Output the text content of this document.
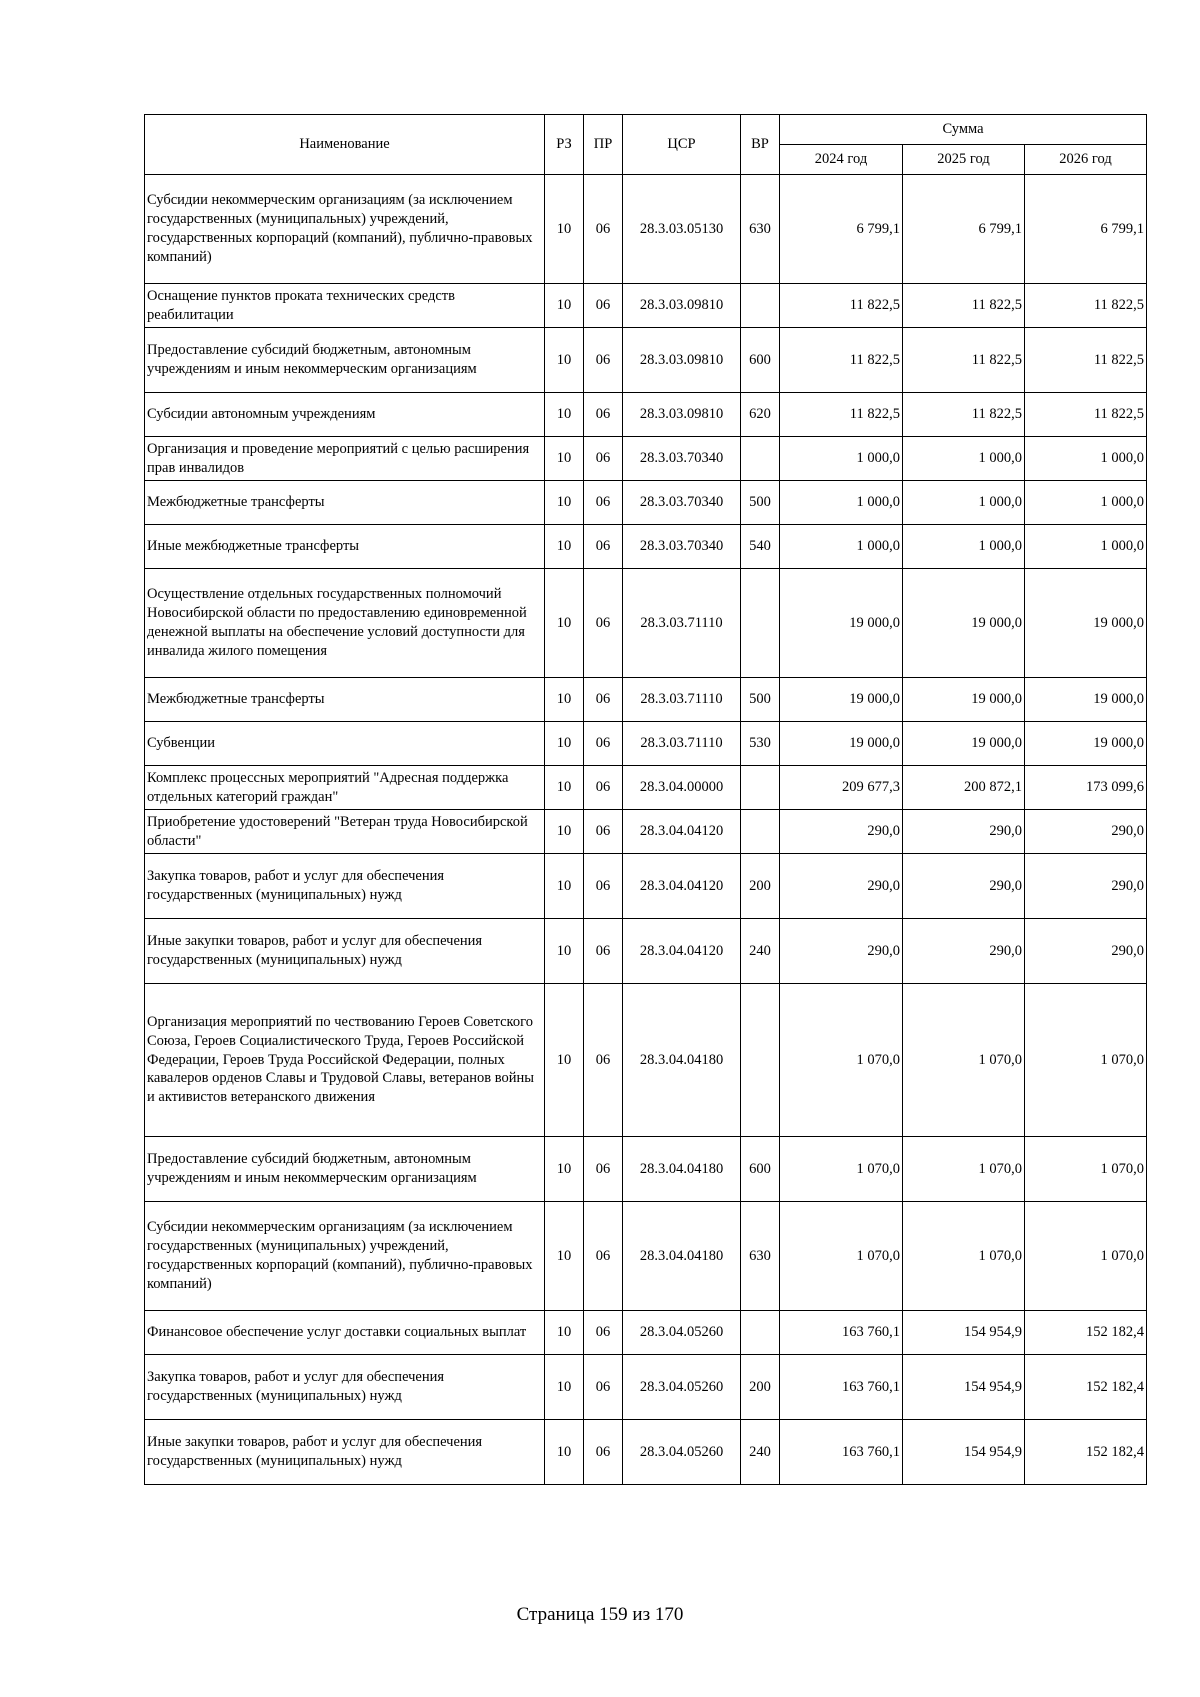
Наименование	РЗ	ПР	ЦСР	ВР	Сумма		
					2024 год	2025 год	2026 год
Субсидии некоммерческим организациям (за исключением государственных (муниципальных) учреждений, государственных корпораций (компаний), публично-правовых компаний)	10	06	28.3.03.05130	630	6 799,1	6 799,1	6 799,1
Оснащение пунктов проката технических средств реабилитации	10	06	28.3.03.09810		11 822,5	11 822,5	11 822,5
Предоставление субсидий бюджетным, автономным учреждениям и иным некоммерческим организациям	10	06	28.3.03.09810	600	11 822,5	11 822,5	11 822,5
Субсидии автономным учреждениям	10	06	28.3.03.09810	620	11 822,5	11 822,5	11 822,5
Организация и проведение мероприятий с целью расширения прав инвалидов	10	06	28.3.03.70340		1 000,0	1 000,0	1 000,0
Межбюджетные трансферты	10	06	28.3.03.70340	500	1 000,0	1 000,0	1 000,0
Иные межбюджетные трансферты	10	06	28.3.03.70340	540	1 000,0	1 000,0	1 000,0
Осуществление отдельных государственных полномочий Новосибирской области по предоставлению единовременной денежной выплаты на обеспечение условий доступности для инвалида жилого помещения	10	06	28.3.03.71110		19 000,0	19 000,0	19 000,0
Межбюджетные трансферты	10	06	28.3.03.71110	500	19 000,0	19 000,0	19 000,0
Субвенции	10	06	28.3.03.71110	530	19 000,0	19 000,0	19 000,0
Комплекс процессных мероприятий "Адресная поддержка отдельных категорий граждан"	10	06	28.3.04.00000		209 677,3	200 872,1	173 099,6
Приобретение удостоверений "Ветеран труда Новосибирской области"	10	06	28.3.04.04120		290,0	290,0	290,0
Закупка товаров, работ и услуг для обеспечения государственных (муниципальных) нужд	10	06	28.3.04.04120	200	290,0	290,0	290,0
Иные закупки товаров, работ и услуг для обеспечения государственных (муниципальных) нужд	10	06	28.3.04.04120	240	290,0	290,0	290,0
Организация мероприятий по чествованию Героев Советского Союза, Героев Социалистического Труда, Героев Российской Федерации, Героев Труда Российской Федерации, полных кавалеров орденов Славы и Трудовой Славы, ветеранов войны и активистов ветеранского движения	10	06	28.3.04.04180		1 070,0	1 070,0	1 070,0
Предоставление субсидий бюджетным, автономным учреждениям и иным некоммерческим организациям	10	06	28.3.04.04180	600	1 070,0	1 070,0	1 070,0
Субсидии некоммерческим организациям (за исключением государственных (муниципальных) учреждений, государственных корпораций (компаний), публично-правовых компаний)	10	06	28.3.04.04180	630	1 070,0	1 070,0	1 070,0
Финансовое обеспечение услуг доставки социальных выплат	10	06	28.3.04.05260		163 760,1	154 954,9	152 182,4
Закупка товаров, работ и услуг для обеспечения государственных (муниципальных) нужд	10	06	28.3.04.05260	200	163 760,1	154 954,9	152 182,4
Иные закупки товаров, работ и услуг для обеспечения государственных (муниципальных) нужд	10	06	28.3.04.05260	240	163 760,1	154 954,9	152 182,4
Страница 159 из 170
